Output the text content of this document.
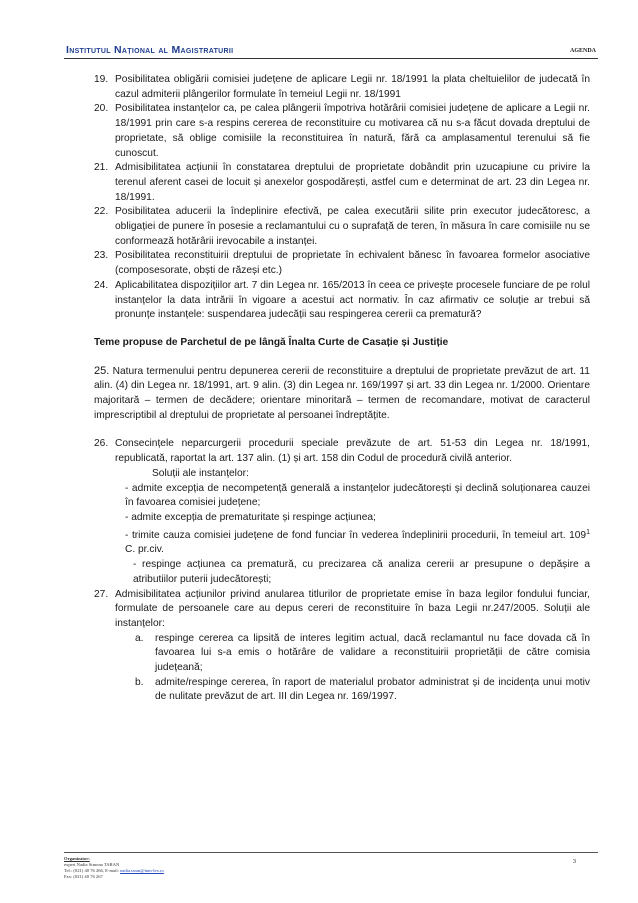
Institutul Național al Magistraturii	AGENDA
19. Posibilitatea obligării comisiei județene de aplicare Legii nr. 18/1991 la plata cheltuielilor de judecată în cazul admiterii plângerilor formulate în temeiul Legii nr. 18/1991
20. Posibilitatea instanțelor ca, pe calea plângerii împotriva hotărârii comisiei județene de aplicare a Legii nr. 18/1991 prin care s-a respins cererea de reconstituire cu motivarea că nu s-a făcut dovada dreptului de proprietate, să oblige comisiile la reconstituirea în natură, fără ca amplasamentul terenului să fie cunoscut.
21. Admisibilitatea acțiunii în constatarea dreptului de proprietate dobândit prin uzucapiune cu privire la terenul aferent casei de locuit și anexelor gospodărești, astfel cum e determinat de art. 23 din Legea nr. 18/1991.
22. Posibilitatea aducerii la îndeplinire efectivă, pe calea executării silite prin executor judecătoresc, a obligației de punere în posesie a reclamantului cu o suprafață de teren, în măsura în care comisiile nu se conformează hotărârii irevocabile a instanței.
23. Posibilitatea reconstituirii dreptului de proprietate în echivalent bănesc în favoarea formelor asociative (composesorate, obști de răzeși etc.)
24. Aplicabilitatea dispozițiilor art. 7 din Legea nr. 165/2013 în ceea ce privește procesele funciare de pe rolul instanțelor la data intrării în vigoare a acestui act normativ. În caz afirmativ ce soluție ar trebui să pronunțe instanțele: suspendarea judecății sau respingerea cererii ca prematură?
Teme propuse de Parchetul de pe lângă Înalta Curte de Casație și Justiție
25. Natura termenului pentru depunerea cererii de reconstituire a dreptului de proprietate prevăzut de art. 11 alin. (4) din Legea nr. 18/1991, art. 9 alin. (3) din Legea nr. 169/1997 și art. 33 din Legea nr. 1/2000. Orientare majoritară – termen de decădere; orientare minoritară – termen de recomandare, motivat de caracterul imprescriptibil al dreptului de proprietate al persoanei îndreptățite.
26. Consecințele neparcurgerii procedurii speciale prevăzute de art. 51-53 din Legea nr. 18/1991, republicată, raportat la art. 137 alin. (1) și art. 158 din Codul de procedură civilă anterior.
Soluții ale instanțelor:
- admite excepția de necompetență generală a instanțelor judecătorești și declină soluționarea cauzei în favoarea comisiei județene;
- admite excepția de prematuritate și respinge acțiunea;
- trimite cauza comisiei județene de fond funciar în vederea îndeplinirii procedurii, în temeiul art. $109^1$ C. pr.civ.
- respinge acțiunea ca prematură, cu precizarea că analiza cererii ar presupune o depășire a atributiilor puterii judecătorești;
27. Admisibilitatea acțiunilor privind anularea titlurilor de proprietate emise în baza legilor fondului funciar, formulate de persoanele care au depus cereri de reconstituire în baza Legii nr.247/2005. Soluții ale instanțelor:
a.	respinge cererea ca lipsită de interes legitim actual, dacă reclamantul nu face dovada că în favoarea lui s-a emis o hotărâre de validare a reconstituirii proprietății de către comisia județeană;
b.	admite/respinge cererea, în raport de materialul probator administrat și de incidența unui motiv de nulitate prevăzut de art. III din Legea nr. 169/1997.
Organizator:
expert Nadia Simona TARAN
Tel.: (021) 40 76 266, E-mail: nadia.taran@inm-lex.ro
Fax: (021) 40 76 267
3
